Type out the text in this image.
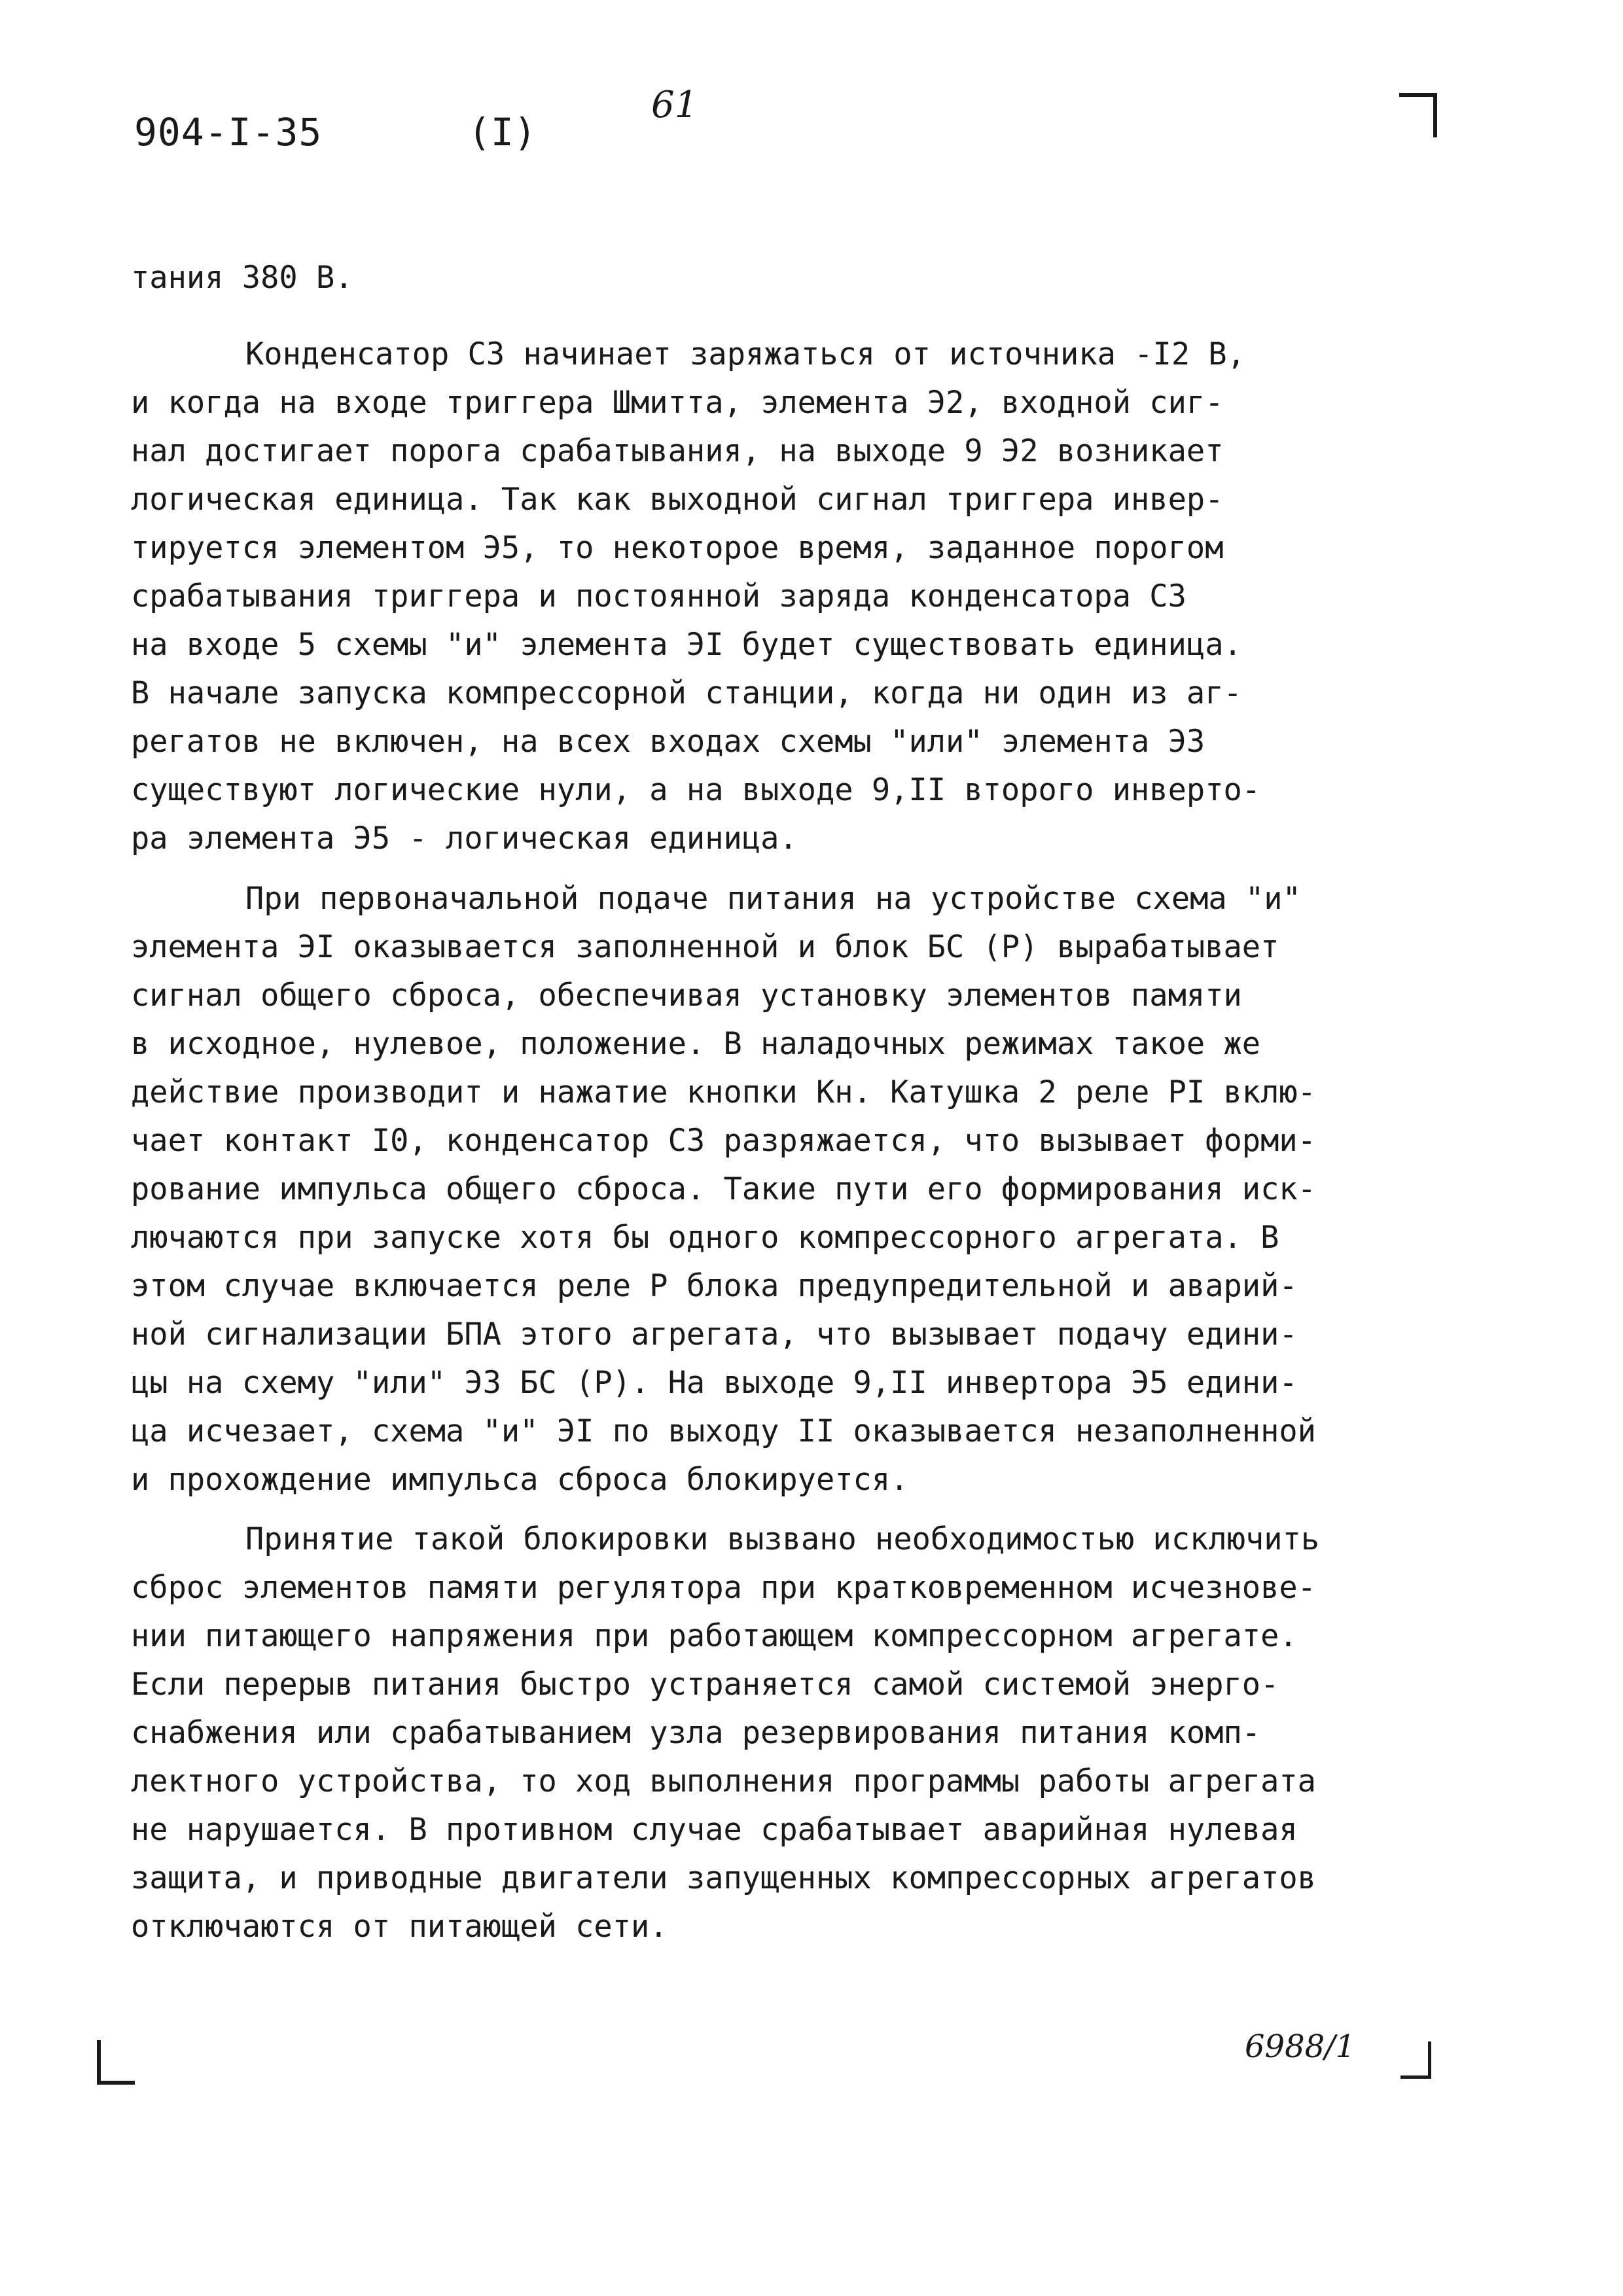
904-I-35	(I)
61
тания 380 В.
Конденсатор С3 начинает заряжаться от источника -I2 В,
и когда на входе триггера Шмитта, элемента Э2, входной сиг-
нал достигает порога срабатывания, на выходе 9 Э2 возникает
логическая единица. Так как выходной сигнал триггера инвер-
тируется элементом Э5, то некоторое время, заданное порогом
срабатывания триггера и постоянной заряда конденсатора С3
на входе 5 схемы "и" элемента ЭI будет существовать единица.
В начале запуска компрессорной станции, когда ни один из аг-
регатов не включен, на всех входах схемы "или" элемента Э3
существуют логические нули, а на выходе 9,II второго инверто-
ра элемента Э5 - логическая единица.
При первоначальной подаче питания на устройстве схема "и"
элемента ЭI оказывается заполненной и блок БС (Р) вырабатывает
сигнал общего сброса, обеспечивая установку элементов памяти
в исходное, нулевое, положение. В наладочных режимах такое же
действие производит и нажатие кнопки Кн. Катушка 2 реле РI вклю-
чает контакт I0, конденсатор С3 разряжается, что вызывает форми-
рование импульса общего сброса. Такие пути его формирования иск-
лючаются при запуске хотя бы одного компрессорного агрегата. В
этом случае включается реле Р блока предупредительной и аварий-
ной сигнализации БПА этого агрегата, что вызывает подачу едини-
цы на схему "или" Э3 БС (Р). На выходе 9,II инвертора Э5 едини-
ца исчезает, схема "и" ЭI по выходу II оказывается незаполненной
и прохождение импульса сброса блокируется.
Принятие такой блокировки вызвано необходимостью исключить
сброс элементов памяти регулятора при кратковременном исчезнове-
нии питающего напряжения при работающем компрессорном агрегате.
Если перерыв питания быстро устраняется самой системой энерго-
снабжения или срабатыванием узла резервирования питания комп-
лектного устройства, то ход выполнения программы работы агрегата
не нарушается. В противном случае срабатывает аварийная нулевая
защита, и приводные двигатели запущенных компрессорных агрегатов
отключаются от питающей сети.
6988/1
